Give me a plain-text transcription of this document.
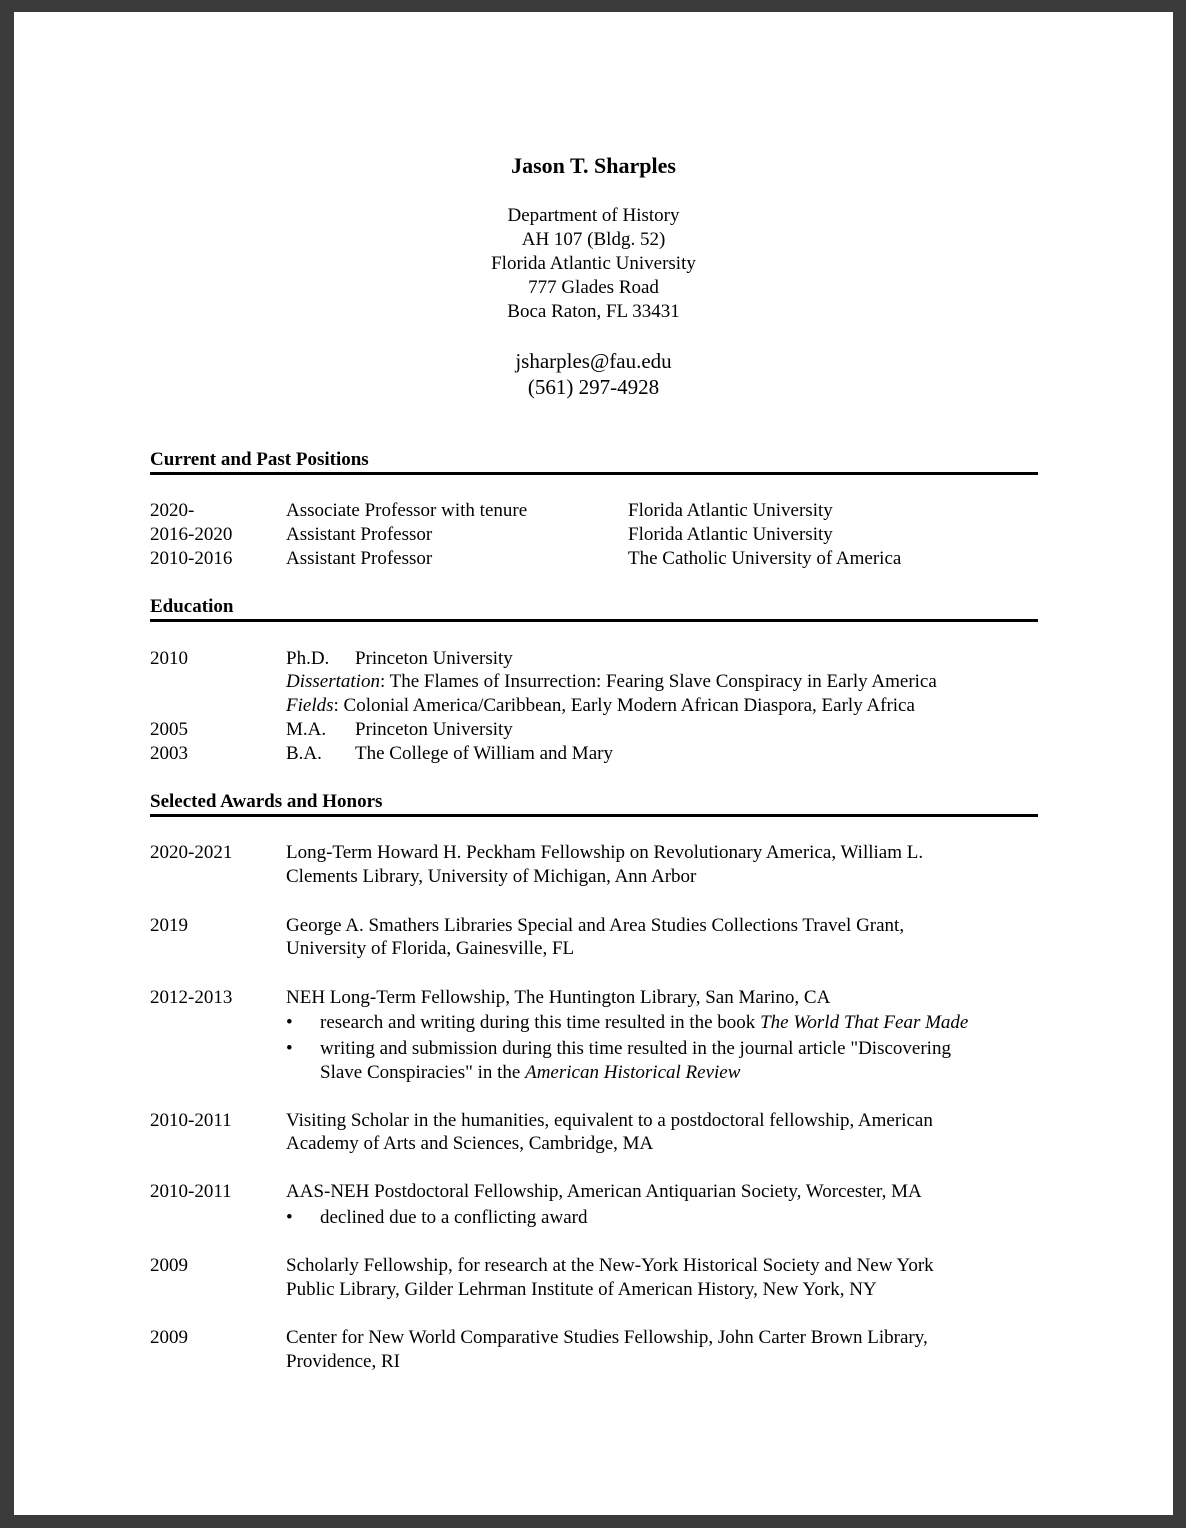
Jason T. Sharples
Department of History
AH 107 (Bldg. 52)
Florida Atlantic University
777 Glades Road
Boca Raton, FL 33431
jsharples@fau.edu
(561) 297-4928
Current and Past Positions
2020-	Associate Professor with tenure	Florida Atlantic University
2016-2020	Assistant Professor	Florida Atlantic University
2010-2016	Assistant Professor	The Catholic University of America
Education
2010	Ph.D. Princeton University
Dissertation: The Flames of Insurrection: Fearing Slave Conspiracy in Early America
Fields: Colonial America/Caribbean, Early Modern African Diaspora, Early Africa
2005	M.A. Princeton University
2003	B.A. The College of William and Mary
Selected Awards and Honors
2020-2021	Long-Term Howard H. Peckham Fellowship on Revolutionary America, William L.
Clements Library, University of Michigan, Ann Arbor
2019	George A. Smathers Libraries Special and Area Studies Collections Travel Grant,
University of Florida, Gainesville, FL
2012-2013	NEH Long-Term Fellowship, The Huntington Library, San Marino, CA
• research and writing during this time resulted in the book The World That Fear Made
• writing and submission during this time resulted in the journal article "Discovering
Slave Conspiracies" in the American Historical Review
2010-2011	Visiting Scholar in the humanities, equivalent to a postdoctoral fellowship, American
Academy of Arts and Sciences, Cambridge, MA
2010-2011	AAS-NEH Postdoctoral Fellowship, American Antiquarian Society, Worcester, MA
• declined due to a conflicting award
2009	Scholarly Fellowship, for research at the New-York Historical Society and New York
Public Library, Gilder Lehrman Institute of American History, New York, NY
2009	Center for New World Comparative Studies Fellowship, John Carter Brown Library,
Providence, RI
